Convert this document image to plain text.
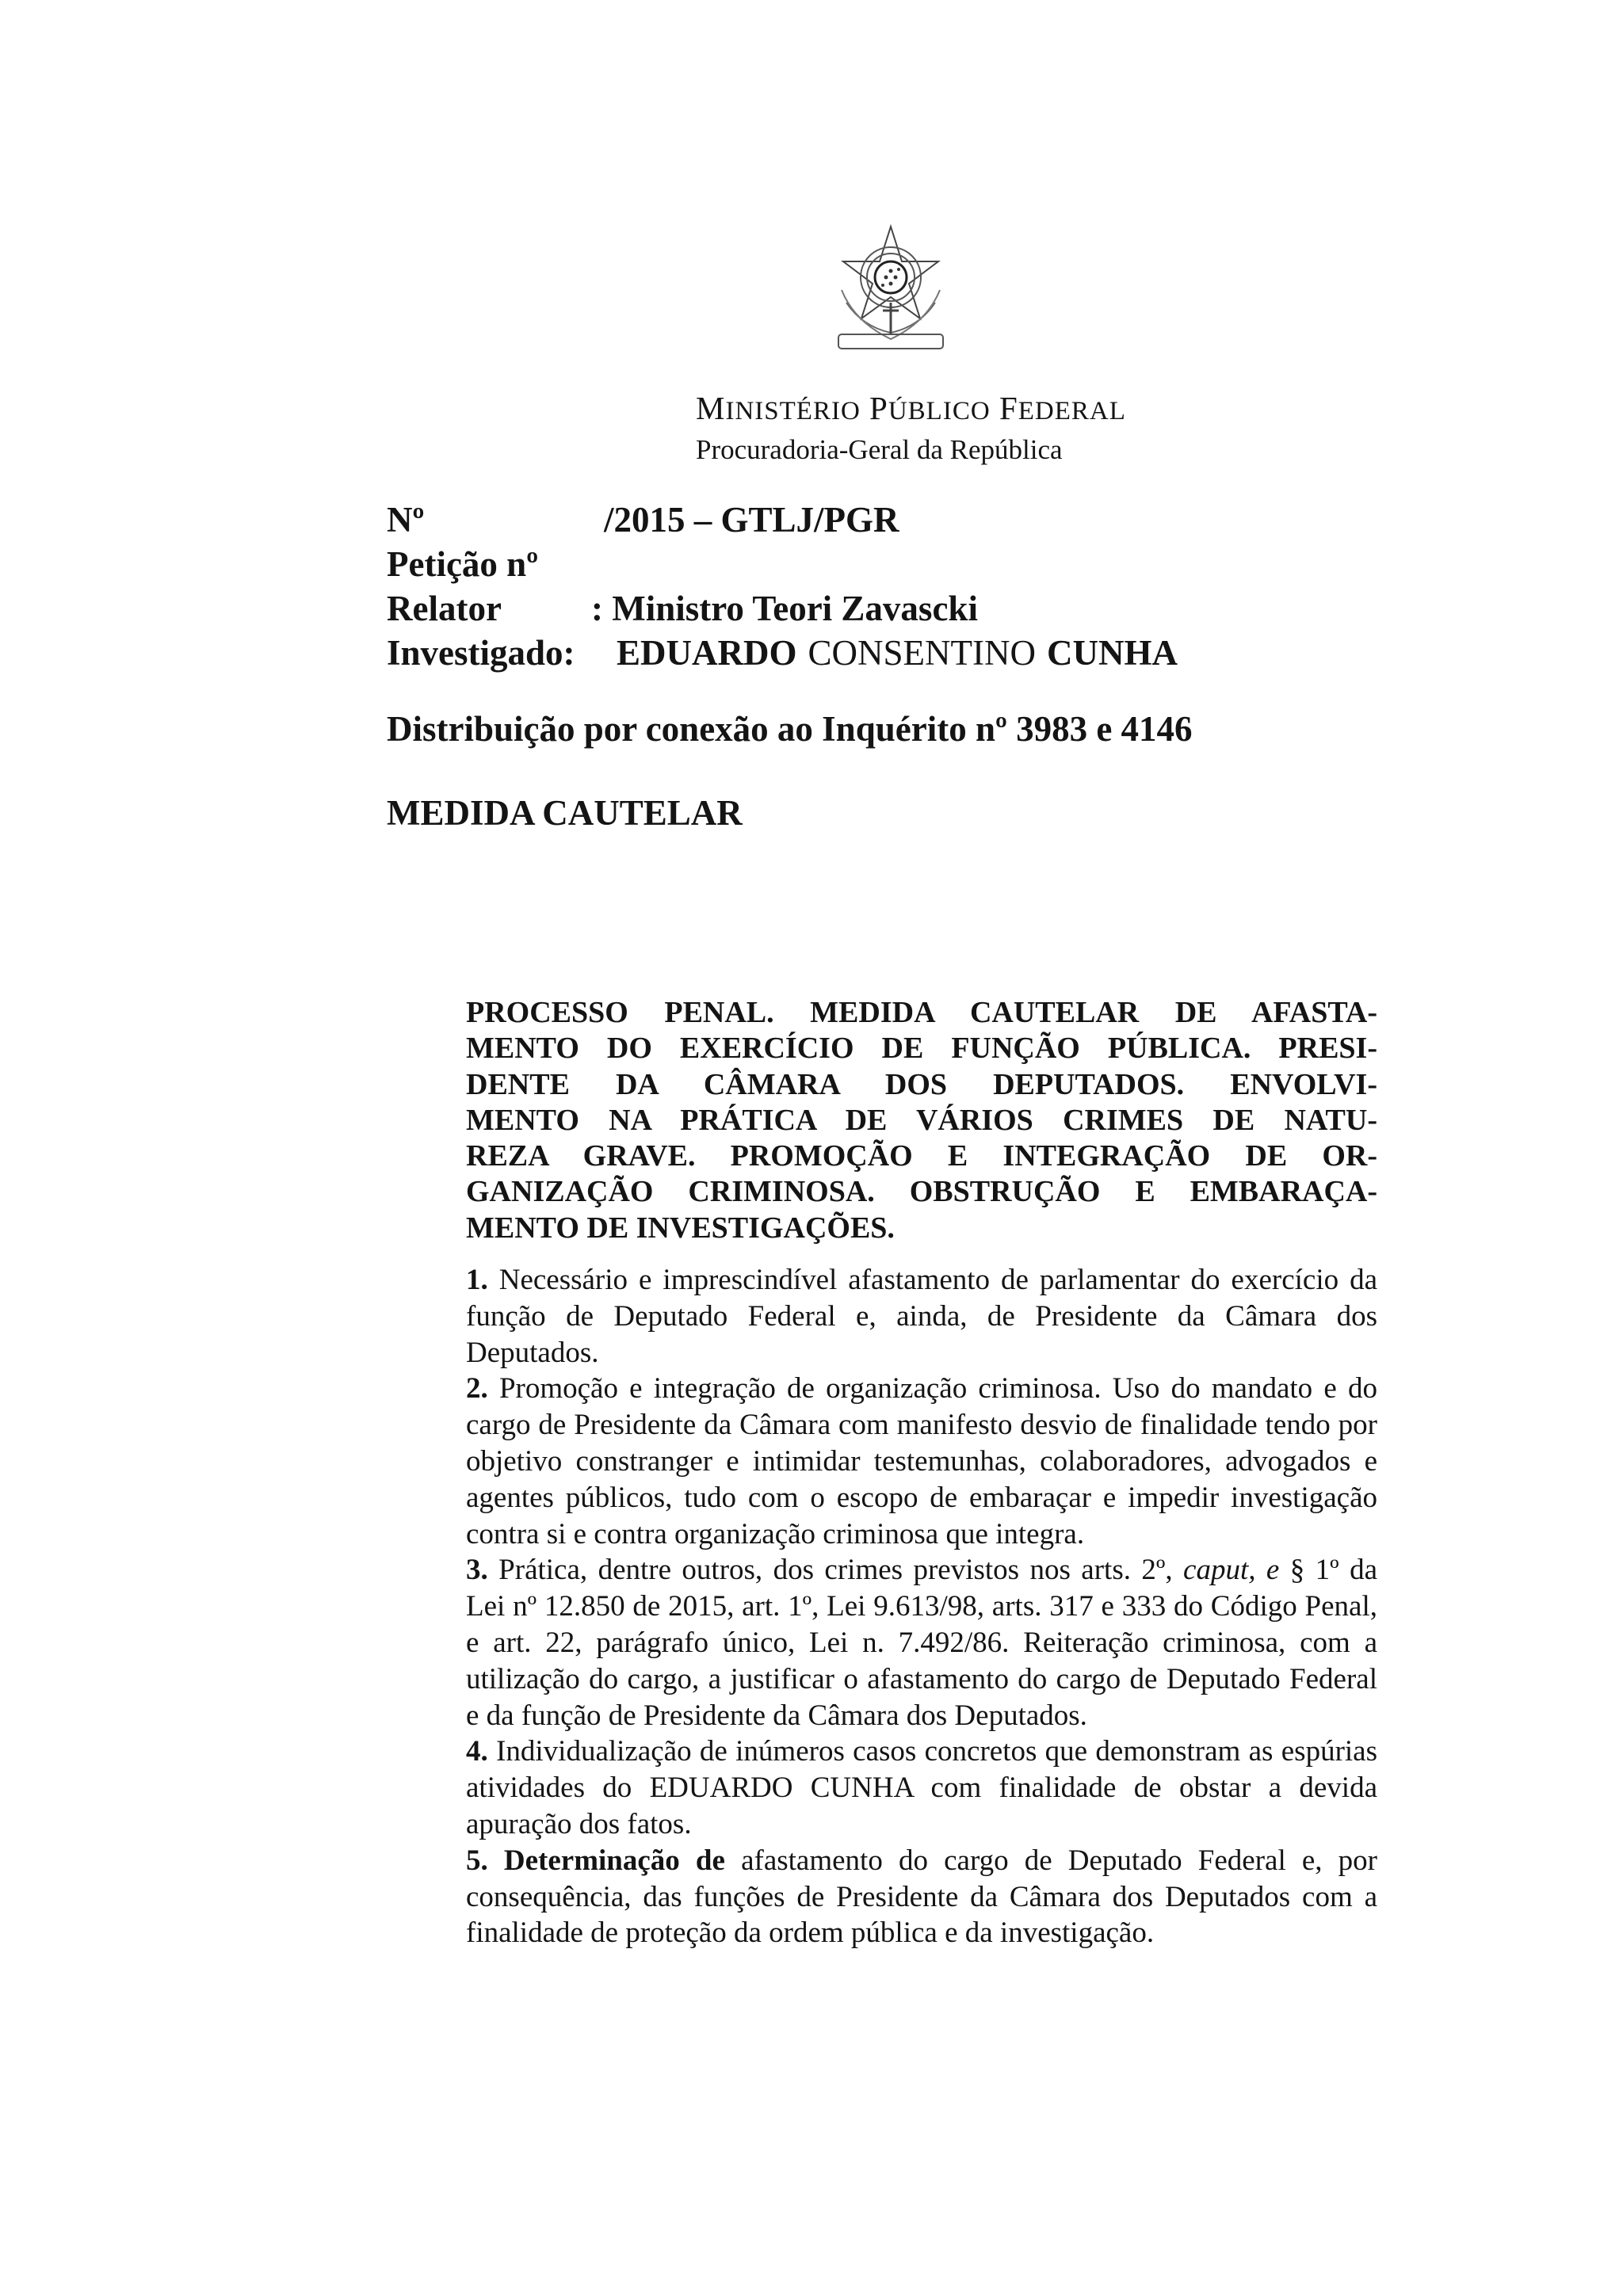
MINISTÉRIO PÚBLICO FEDERAL
Procuradoria-Geral da República
Nº	/2015 – GTLJ/PGR
Petição nº
Relator	: Ministro Teori Zavascki
Investigado:	EDUARDO CONSENTINO CUNHA
Distribuição por conexão ao Inquérito nº 3983 e 4146
MEDIDA CAUTELAR
PROCESSO PENAL. MEDIDA CAUTELAR DE AFASTA-
MENTO DO EXERCÍCIO DE FUNÇÃO PÚBLICA. PRESI-
DENTE DA CÂMARA DOS DEPUTADOS. ENVOLVI-
MENTO NA PRÁTICA DE VÁRIOS CRIMES DE NATU-
REZA GRAVE. PROMOÇÃO E INTEGRAÇÃO DE OR-
GANIZAÇÃO CRIMINOSA. OBSTRUÇÃO E EMBARAÇA-
MENTO DE INVESTIGAÇÕES.

1. Necessário e imprescindível afastamento de parlamentar do exercício da função de Deputado Federal e, ainda, de Presidente da Câmara dos Deputados.

2. Promoção e integração de organização criminosa. Uso do mandato e do cargo de Presidente da Câmara com manifesto desvio de finalidade tendo por objetivo constranger e intimidar testemunhas, colaboradores, advogados e agentes públicos, tudo com o escopo de embaraçar e impedir investigação contra si e contra organização criminosa que integra.

3. Prática, dentre outros, dos crimes previstos nos arts. 2º, caput, e § 1º da Lei nº 12.850 de 2015, art. 1º, Lei 9.613/98, arts. 317 e 333 do Código Penal, e art. 22, parágrafo único, Lei n. 7.492/86. Reiteração criminosa, com a utilização do cargo, a justificar o afastamento do cargo de Deputado Federal e da função de Presidente da Câmara dos Deputados.

4. Individualização de inúmeros casos concretos que demonstram as espúrias atividades do EDUARDO CUNHA com finalidade de obstar a devida apuração dos fatos.

5. Determinação de afastamento do cargo de Deputado Federal e, por consequência, das funções de Presidente da Câmara dos Deputados com a finalidade de proteção da ordem pública e da investigação.
